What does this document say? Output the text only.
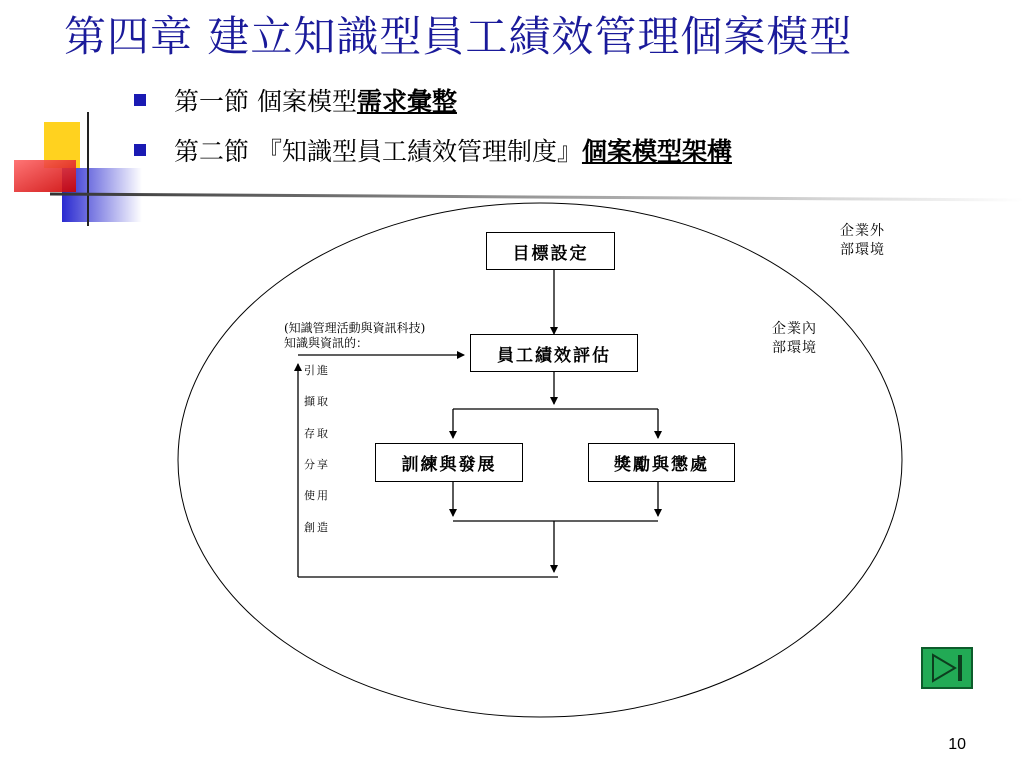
第四章 建立知識型員工績效管理個案模型
第一節 個案模型需求彙整
第二節 『知識型員工績效管理制度』個案模型架構
目標設定
員工績效評估
訓練與發展	獎勵與懲處
企業外
部環境
企業內
部環境
(知識管理活動與資訊科技)
知識與資訊的：
引進
擷取
存取
分享
使用
創造
10
